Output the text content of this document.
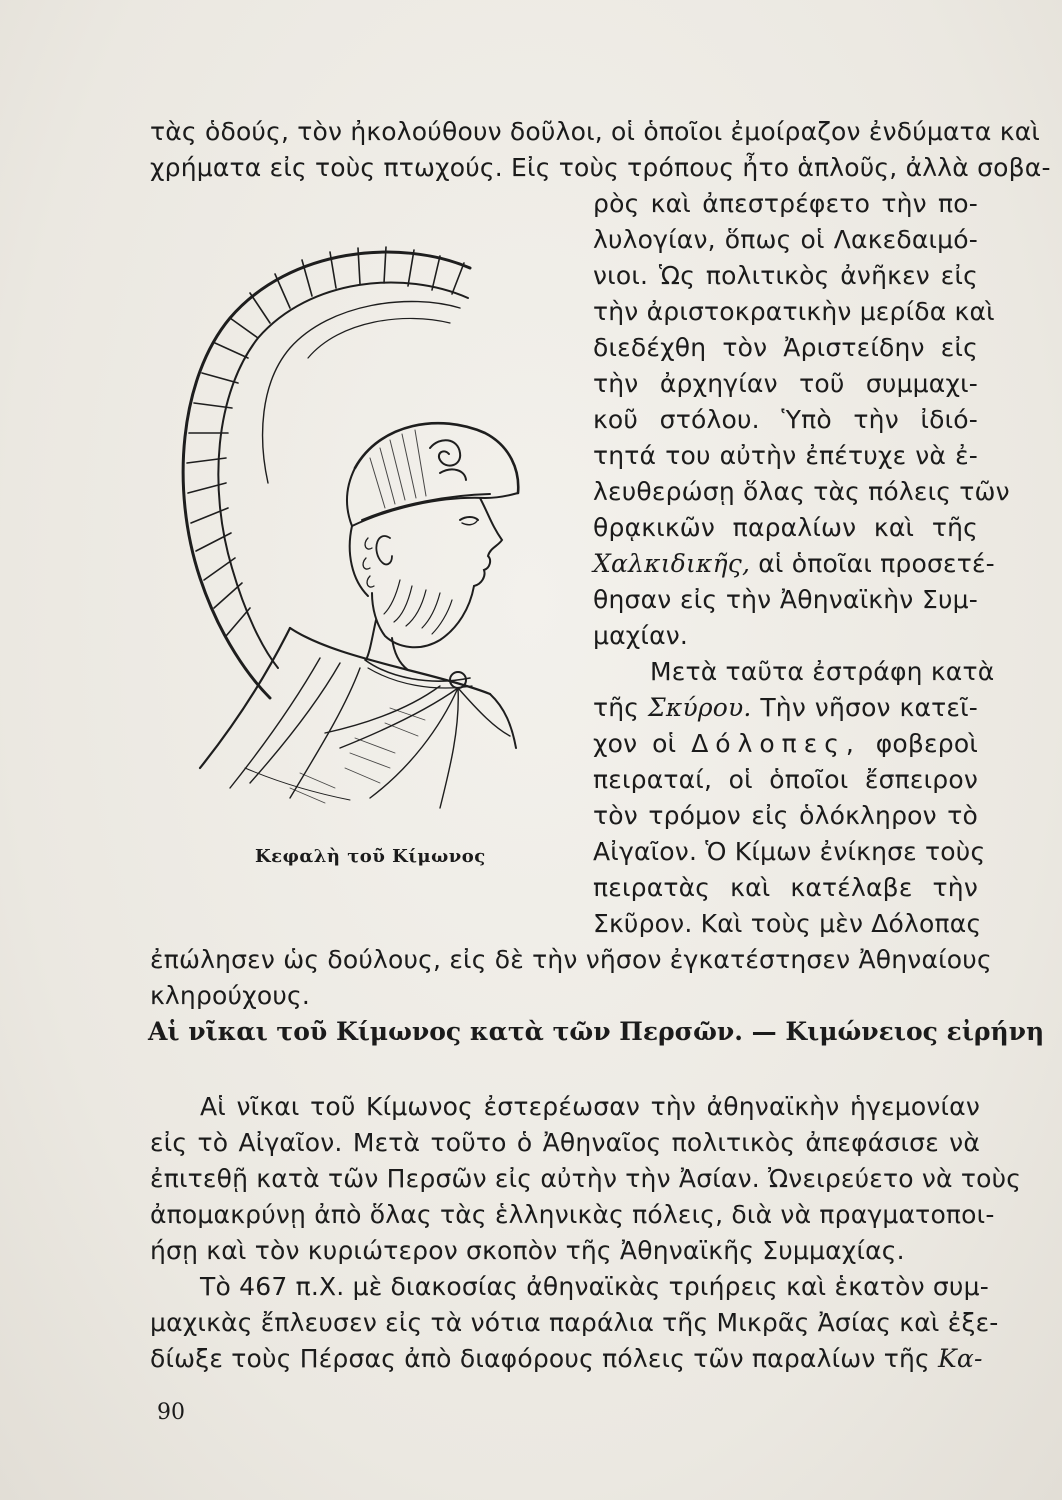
τὰς ὁδούς, τὸν ἠκολούθουν δοῦλοι, οἱ ὁποῖοι ἐμοίραζον ἐνδύματα καὶ
χρήματα εἰς τοὺς πτωχούς. Εἰς τοὺς τρόπους ἦτο ἁπλοῦς, ἀλλὰ σοβα-
ρὸς καὶ ἀπεστρέφετο τὴν πο-
λυλογίαν, ὅπως οἱ Λακεδαιμό-
νιοι. Ὡς πολιτικὸς ἀνῆκεν εἰς
τὴν ἀριστοκρατικὴν μερίδα καὶ
διεδέχθη τὸν Ἀριστείδην εἰς
τὴν ἀρχηγίαν τοῦ συμμαχι-
κοῦ στόλου. Ὑπὸ τὴν ἰδιό-
τητά του αὐτὴν ἐπέτυχε νὰ ἐ-
λευθερώσῃ ὅλας τὰς πόλεις τῶν
θρᾳκικῶν παραλίων καὶ τῆς
Χαλκιδικῆς, αἱ ὁποῖαι προσετέ-
θησαν εἰς τὴν Ἀθηναϊκὴν Συμ-
μαχίαν.
Μετὰ ταῦτα ἐστράφη κατὰ
τῆς Σκύρου. Τὴν νῆσον κατεῖ-
χον οἱ Δόλοπες, φοβεροὶ
πειραταί, οἱ ὁποῖοι ἔσπειρον
τὸν τρόμον εἰς ὁλόκληρον τὸ
Αἰγαῖον. Ὁ Κίμων ἐνίκησε τοὺς
πειρατὰς καὶ κατέλαβε τὴν
Σκῦρον. Καὶ τοὺς μὲν Δόλοπας
ἐπώλησεν ὡς δούλους, εἰς δὲ τὴν νῆσον ἐγκατέστησεν Ἀθηναίους
κληρούχους.
Αἱ νῖκαι τοῦ Κίμωνος κατὰ τῶν Περσῶν. — Κιμώνειος εἰρήνη
Αἱ νῖκαι τοῦ Κίμωνος ἐστερέωσαν τὴν ἀθηναϊκὴν ἡγεμονίαν
εἰς τὸ Αἰγαῖον. Μετὰ τοῦτο ὁ Ἀθηναῖος πολιτικὸς ἀπεφάσισε νὰ
ἐπιτεθῇ κατὰ τῶν Περσῶν εἰς αὐτὴν τὴν Ἀσίαν. Ὠνειρεύετο νὰ τοὺς
ἀπομακρύνῃ ἀπὸ ὅλας τὰς ἑλληνικὰς πόλεις, διὰ νὰ πραγματοποι-
ήσῃ καὶ τὸν κυριώτερον σκοπὸν τῆς Ἀθηναϊκῆς Συμμαχίας.
Τὸ 467 π.Χ. μὲ διακοσίας ἀθηναϊκὰς τριήρεις καὶ ἑκατὸν συμ-
μαχικὰς ἔπλευσεν εἰς τὰ νότια παράλια τῆς Μικρᾶς Ἀσίας καὶ ἐξε-
δίωξε τοὺς Πέρσας ἀπὸ διαφόρους πόλεις τῶν παραλίων τῆς Κα-
Κεφαλὴ τοῦ Κίμωνος
90
